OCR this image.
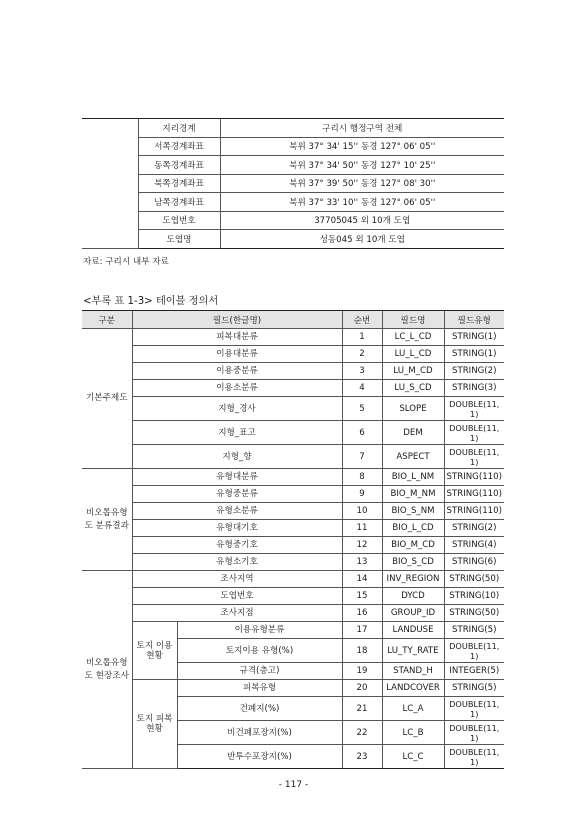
	지리경계	구리시 행정구역 전체
	서쪽경계좌표	북위 37° 34' 15'' 동경 127° 06' 05''
	동쪽경계좌표	북위 37° 34' 50'' 동경 127° 10' 25''
	북쪽경계좌표	북위 37° 39' 50'' 동경 127° 08' 30''
	남쪽경계좌표	북위 37° 33' 10'' 동경 127° 06' 05''
	도엽번호	37705045 외 10개 도엽
	도엽명	성동045 외 10개 도엽
자료: 구리시 내부 자료
<부록 표 1-3> 테이블 정의서
구분	필드(한글명)		순번	필드명	필드유형
기본주제도	피복대분류		1	LC_L_CD	STRING(1)
	이용대분류		2	LU_L_CD	STRING(1)
	이용중분류		3	LU_M_CD	STRING(2)
	이용소분류		4	LU_S_CD	STRING(3)
	지형_경사		5	SLOPE	DOUBLE(11, 1)
	지형_표고		6	DEM	DOUBLE(11, 1)
	지형_향		7	ASPECT	DOUBLE(11, 1)
비오톱유형도 분류결과	유형대분류		8	BIO_L_NM	STRING(110)
	유형중분류		9	BIO_M_NM	STRING(110)
	유형소분류		10	BIO_S_NM	STRING(110)
	유형대기호		11	BIO_L_CD	STRING(2)
	유형중기호		12	BIO_M_CD	STRING(4)
	유형소기호		13	BIO_S_CD	STRING(6)
비오톱유형도 현장조사	조사지역		14	INV_REGION	STRING(50)
	도엽번호		15	DYCD	STRING(10)
	조사지점		16	GROUP_ID	STRING(50)
	토지 이용 현황	이용유형분류	17	LANDUSE	STRING(5)
		토지이용 유형(%)	18	LU_TY_RATE	DOUBLE(11, 1)
		규격(층고)	19	STAND_H	INTEGER(5)
	토지 피복 현황	피복유형	20	LANDCOVER	STRING(5)
		건폐지(%)	21	LC_A	DOUBLE(11, 1)
		비건폐포장지(%)	22	LC_B	DOUBLE(11, 1)
		반투수포장지(%)	23	LC_C	DOUBLE(11, 1)
- 117 -
